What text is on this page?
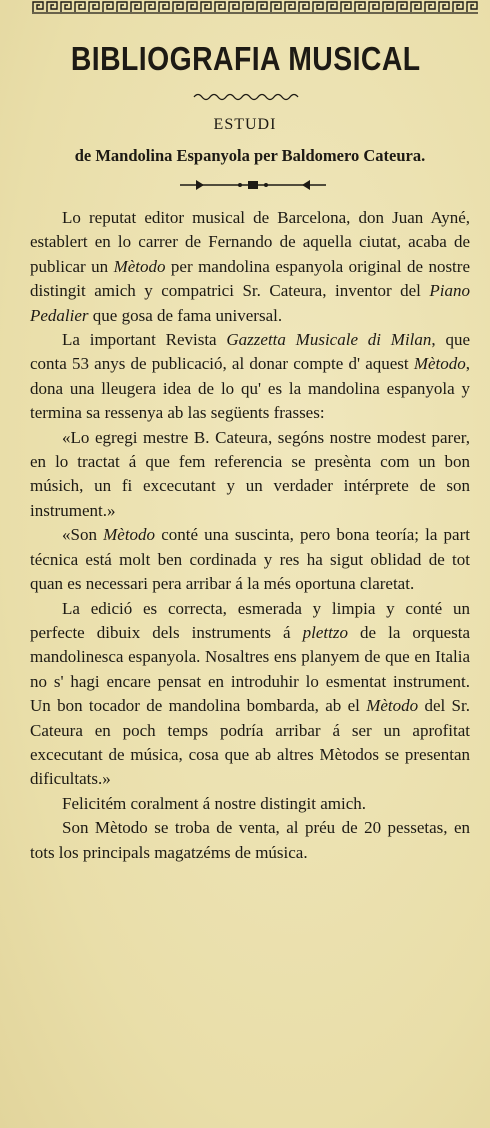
BIBLIOGRAFIA MUSICAL
ESTUDI
de Mandolina Espanyola per Baldomero Cateura.

Lo reputat editor musical de Barcelona, don Juan Ayné, establert en lo carrer de Fernando de aquella ciutat, acaba de publicar un Mètodo per mandolina espanyola original de nostre distingit amich y compatrici Sr. Cateura, inventor del Piano Pedalier que gosa de fama universal.

La important Revista Gazzetta Musicale di Milan, que conta 53 anys de publicació, al donar compte d' aquest Mètodo, dona una lleugera idea de lo qu' es la mandolina espanyola y termina sa ressenya ab las següents frasses:

«Lo egregi mestre B. Cateura, segóns nostre modest parer, en lo tractat á que fem referencia se presènta com un bon músich, un fi excecutant y un verdader intérprete de son instrument.»

«Son Mètodo conté una suscinta, pero bona teoría; la part técnica está molt ben cordinada y res ha sigut oblidad de tot quan es necessari pera arribar á la més oportuna claretat.

La edició es correcta, esmerada y limpia y conté un perfecte dibuix dels instruments á plettzo de la orquesta mandolinesca espanyola. Nosaltres ens planyem de que en Italia no s' hagi encare pensat en introduhir lo esmentat instrument. Un bon tocador de mandolina bombarda, ab el Mètodo del Sr. Cateura en poch temps podría arribar á ser un aprofitat excecutant de música, cosa que ab altres Mètodos se presentan dificultats.»

Felicitém coralment á nostre distingit amich.

Son Mètodo se troba de venta, al préu de 20 pessetas, en tots los principals magatzéms de música.
